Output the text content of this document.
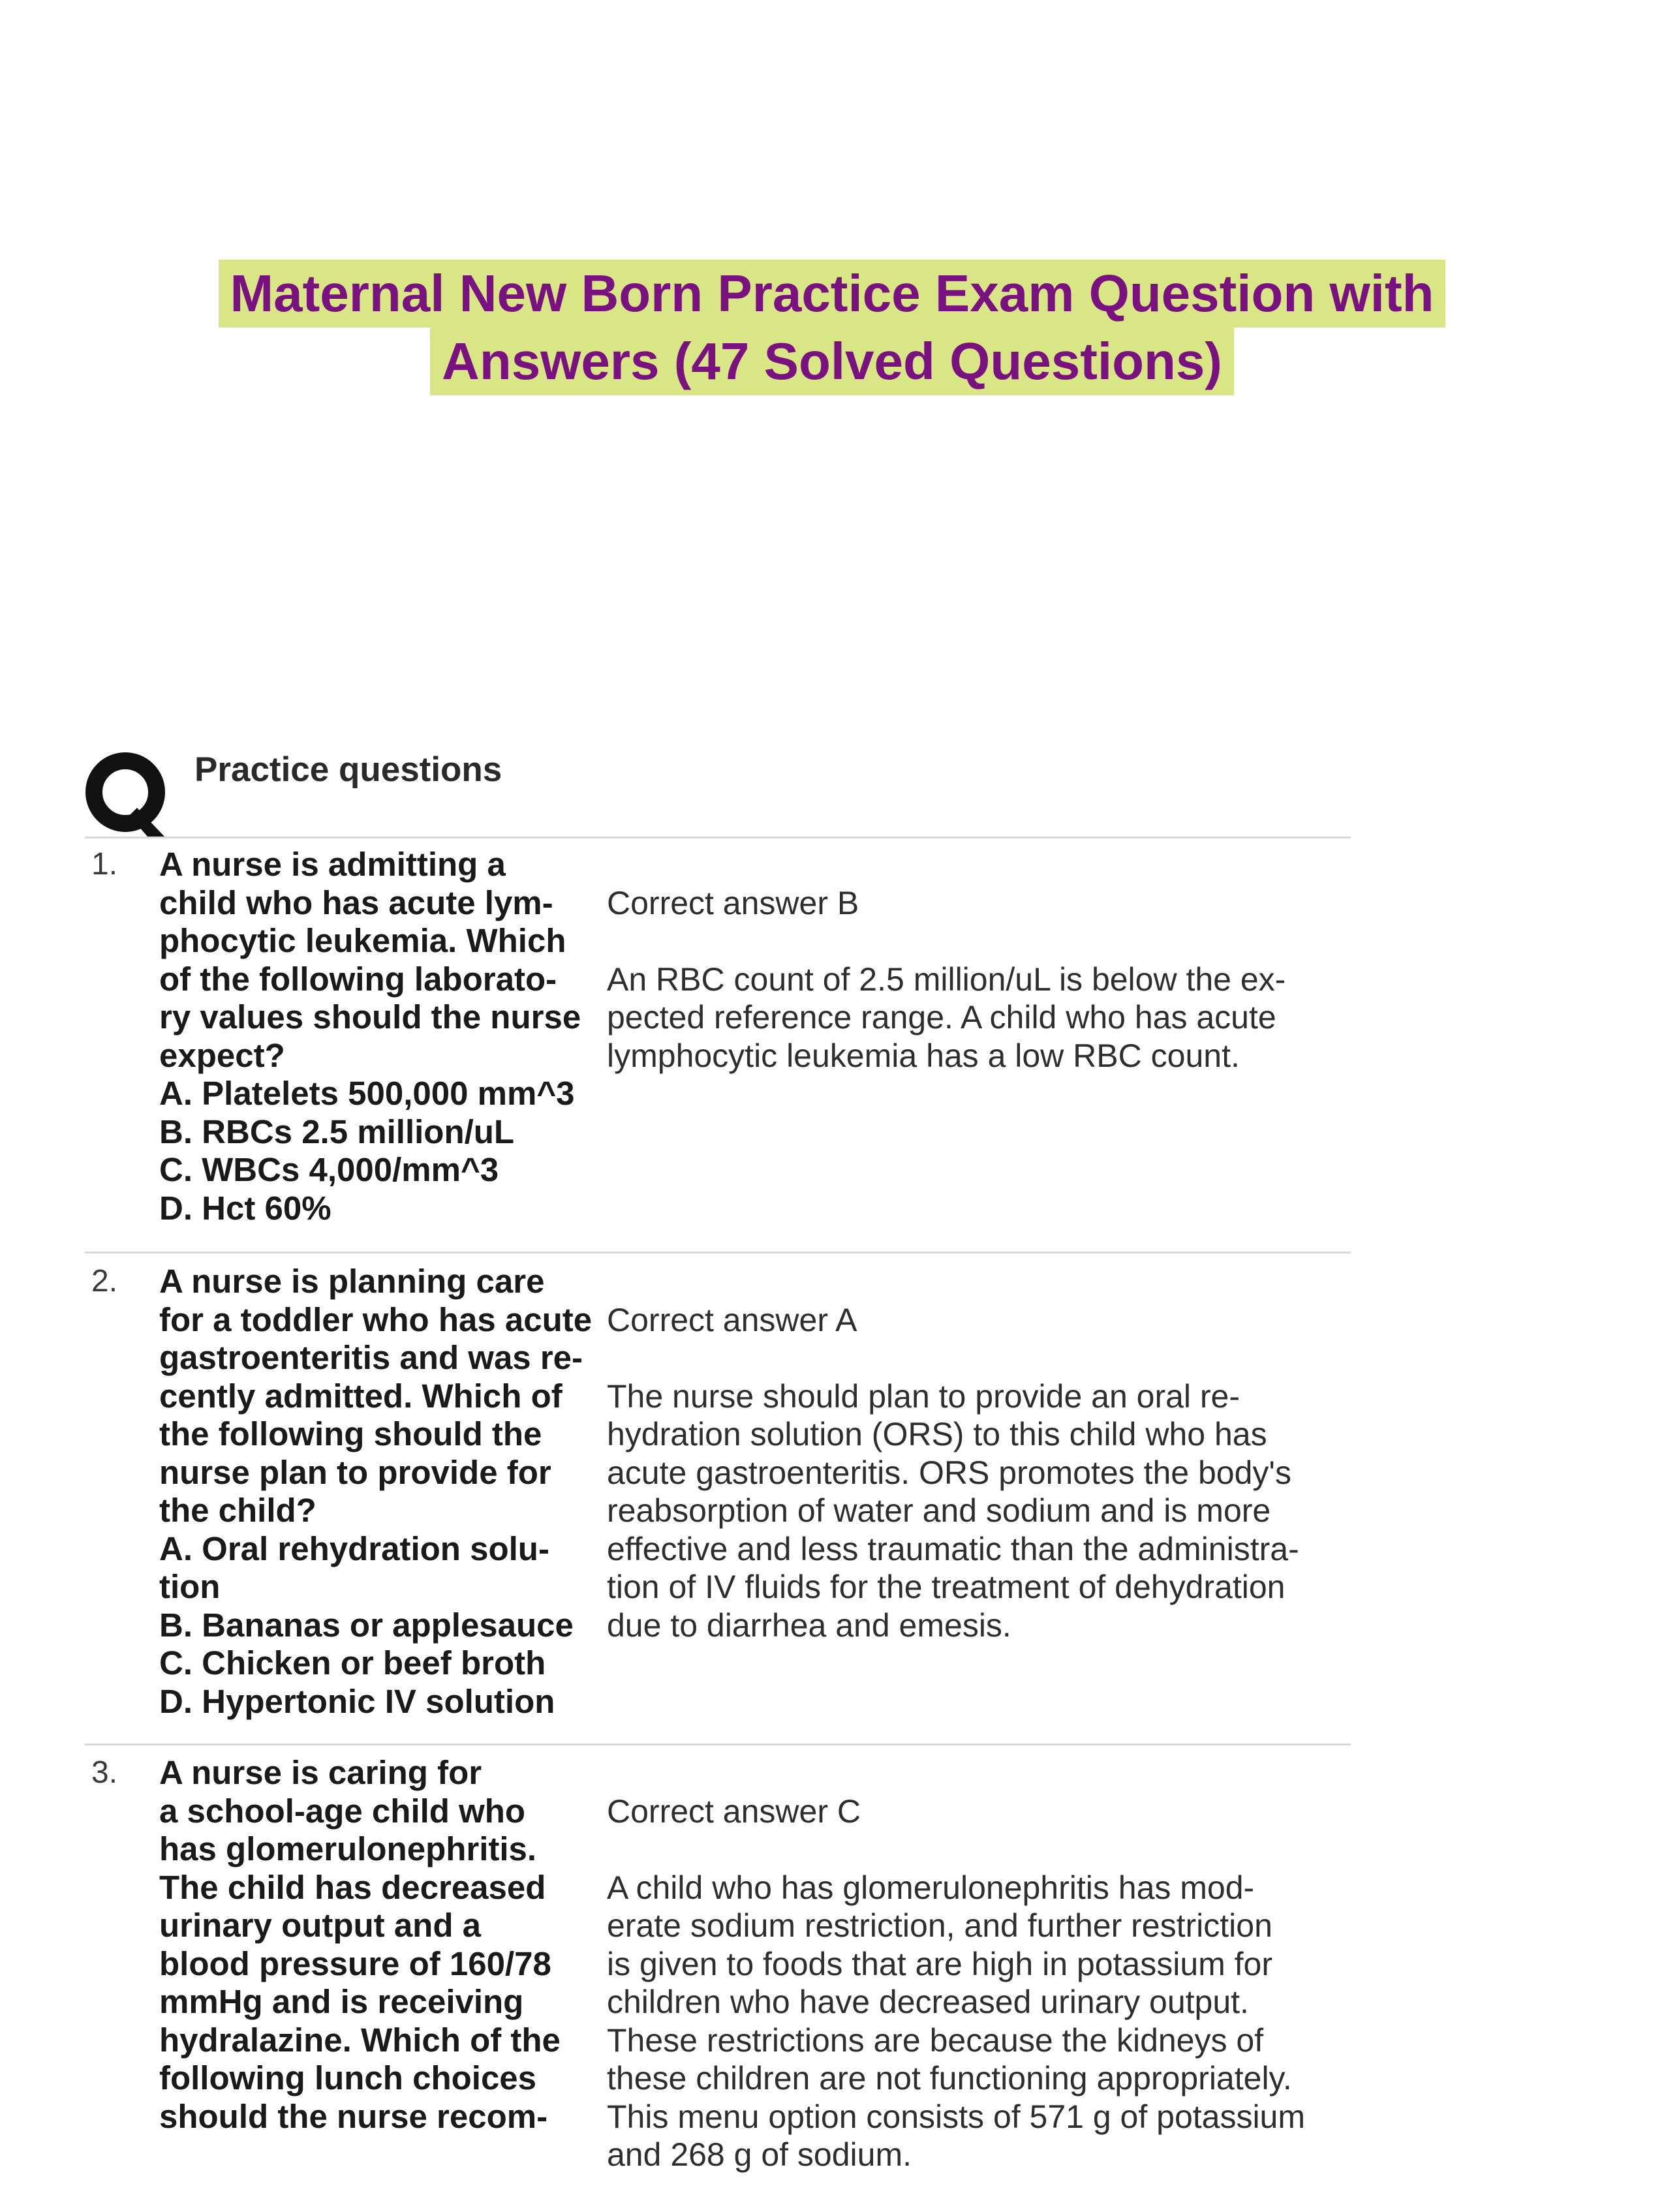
Maternal New Born Practice Exam Question with
Answers (47 Solved Questions)
Practice questions
1. A nurse is admitting a
child who has acute lym-
phocytic leukemia. Which
of the following laborato-
ry values should the nurse
expect?
A. Platelets 500,000 mm^3
B. RBCs 2.5 million/uL
C. WBCs 4,000/mm^3
D. Hct 60%

Correct answer B

An RBC count of 2.5 million/uL is below the ex-
pected reference range. A child who has acute
lymphocytic leukemia has a low RBC count.

2. A nurse is planning care
for a toddler who has acute
gastroenteritis and was re-
cently admitted. Which of
the following should the
nurse plan to provide for
the child?
A. Oral rehydration solu-
tion
B. Bananas or applesauce
C. Chicken or beef broth
D. Hypertonic IV solution

Correct answer A

The nurse should plan to provide an oral re-
hydration solution (ORS) to this child who has
acute gastroenteritis. ORS promotes the body's
reabsorption of water and sodium and is more
effective and less traumatic than the administra-
tion of IV fluids for the treatment of dehydration
due to diarrhea and emesis.

3. A nurse is caring for
a school-age child who
has glomerulonephritis.
The child has decreased
urinary output and a
blood pressure of 160/78
mmHg and is receiving
hydralazine. Which of the
following lunch choices
should the nurse recom-

Correct answer C

A child who has glomerulonephritis has mod-
erate sodium restriction, and further restriction
is given to foods that are high in potassium for
children who have decreased urinary output.
These restrictions are because the kidneys of
these children are not functioning appropriately.
This menu option consists of 571 g of potassium
and 268 g of sodium.
